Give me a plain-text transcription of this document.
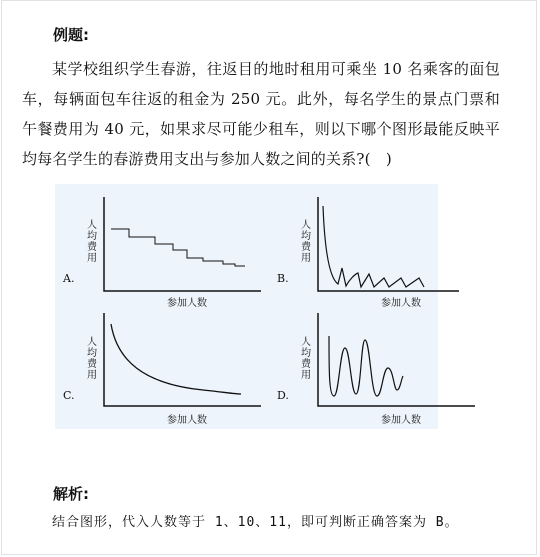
例题:

某学校组织学生春游，往返目的地时租用可乘坐 10 名乘客的面包车，每辆面包车往返的租金为 250 元。此外，每名学生的景点门票和午餐费用为 40 元，如果求尽可能少租车，则以下哪个图形最能反映平均每名学生的春游费用支出与参加人数之间的关系?(　)

人均费用
A.
参加人数
人均费用
B.
参加人数
人均费用
C.
参加人数
人均费用
D.
参加人数
解析:
结合图形，代入人数等于 1、10、11，即可判断正确答案为 B。
